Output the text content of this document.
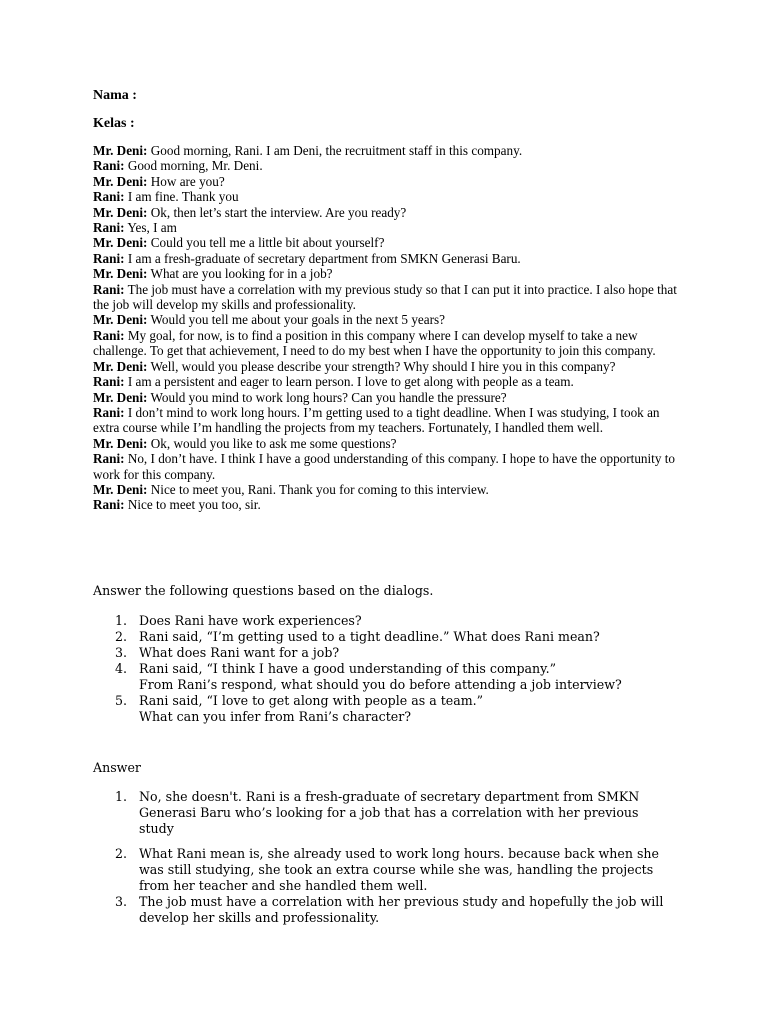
Nama :
Kelas :

Mr. Deni: Good morning, Rani. I am Deni, the recruitment staff in this company.

Rani: Good morning, Mr. Deni.

Mr. Deni: How are you?

Rani: I am fine. Thank you

Mr. Deni: Ok, then let’s start the interview. Are you ready?

Rani: Yes, I am

Mr. Deni: Could you tell me a little bit about yourself?

Rani: I am a fresh-graduate of secretary department from SMKN Generasi Baru.

Mr. Deni: What are you looking for in a job?

Rani: The job must have a correlation with my previous study so that I can put it into practice. I also hope that the job will develop my skills and professionality.

Mr. Deni: Would you tell me about your goals in the next 5 years?

Rani: My goal, for now, is to find a position in this company where I can develop myself to take a new challenge. To get that achievement, I need to do my best when I have the opportunity to join this company.

Mr. Deni: Well, would you please describe your strength? Why should I hire you in this company?

Rani: I am a persistent and eager to learn person. I love to get along with people as a team.

Mr. Deni: Would you mind to work long hours? Can you handle the pressure?

Rani: I don’t mind to work long hours. I’m getting used to a tight deadline. When I was studying, I took an extra course while I’m handling the projects from my teachers. Fortunately, I handled them well.

Mr. Deni: Ok, would you like to ask me some questions?

Rani: No, I don’t have. I think I have a good understanding of this company. I hope to have the opportunity to work for this company.

Mr. Deni: Nice to meet you, Rani. Thank you for coming to this interview.

Rani: Nice to meet you too, sir.

Answer the following questions based on the dialogs.
1. Does Rani have work experiences?
2. Rani said, “I’m getting used to a tight deadline.” What does Rani mean?
3. What does Rani want for a job?
4. Rani said, “I think I have a good understanding of this company.”
From Rani’s respond, what should you do before attending a job interview?
5. Rani said, “I love to get along with people as a team.”
What can you infer from Rani’s character?
Answer
1. No, she doesn't. Rani is a fresh-graduate of secretary department from SMKN Generasi Baru who’s looking for a job that has a correlation with her previous study
2. What Rani mean is, she already used to work long hours. because back when she was still studying, she took an extra course while she was, handling the projects from her teacher and she handled them well.
3. The job must have a correlation with her previous study and hopefully the job will develop her skills and professionality.
